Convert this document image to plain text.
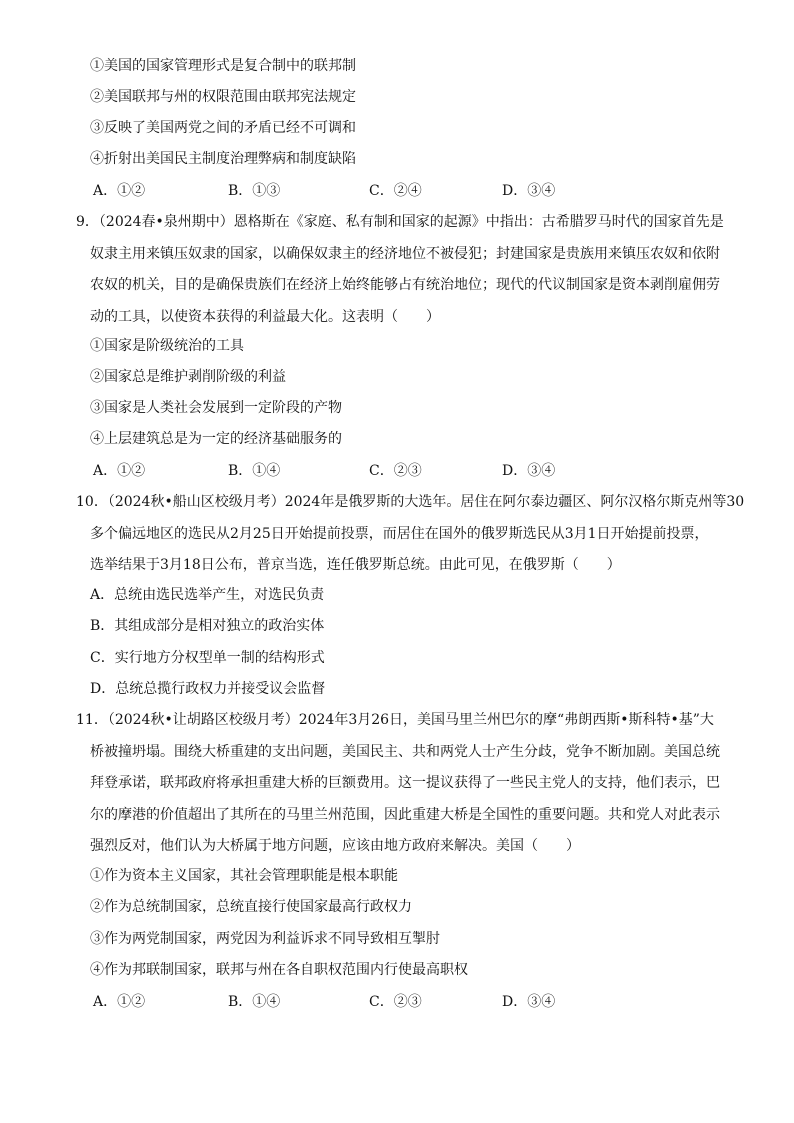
①美国的国家管理形式是复合制中的联邦制
②美国联邦与州的权限范围由联邦宪法规定
③反映了美国两党之间的矛盾已经不可调和
④折射出美国民主制度治理弊病和制度缺陷
A．①②	B．①③	C．②④	D．③④
9．（2024春•泉州期中）恩格斯在《家庭、私有制和国家的起源》中指出：古希腊罗马时代的国家首先是
奴隶主用来镇压奴隶的国家，以确保奴隶主的经济地位不被侵犯；封建国家是贵族用来镇压农奴和依附
农奴的机关，目的是确保贵族们在经济上始终能够占有统治地位；现代的代议制国家是资本剥削雇佣劳
动的工具，以使资本获得的利益最大化。这表明（　　）
①国家是阶级统治的工具
②国家总是维护剥削阶级的利益
③国家是人类社会发展到一定阶段的产物
④上层建筑总是为一定的经济基础服务的
A．①②	B．①④	C．②③	D．③④
10．（2024秋•船山区校级月考）2024年是俄罗斯的大选年。居住在阿尔泰边疆区、阿尔汉格尔斯克州等30
多个偏远地区的选民从2月25日开始提前投票，而居住在国外的俄罗斯选民从3月1日开始提前投票，
选举结果于3月18日公布，普京当选，连任俄罗斯总统。由此可见，在俄罗斯（　　）
A．总统由选民选举产生，对选民负责
B．其组成部分是相对独立的政治实体
C．实行地方分权型单一制的结构形式
D．总统总揽行政权力并接受议会监督
11．（2024秋•让胡路区校级月考）2024年3月26日，美国马里兰州巴尔的摩“弗朗西斯•斯科特•基”大
桥被撞坍塌。围绕大桥重建的支出问题，美国民主、共和两党人士产生分歧，党争不断加剧。美国总统
拜登承诺，联邦政府将承担重建大桥的巨额费用。这一提议获得了一些民主党人的支持，他们表示，巴
尔的摩港的价值超出了其所在的马里兰州范围，因此重建大桥是全国性的重要问题。共和党人对此表示
强烈反对，他们认为大桥属于地方问题，应该由地方政府来解决。美国（　　）
①作为资本主义国家，其社会管理职能是根本职能
②作为总统制国家，总统直接行使国家最高行政权力
③作为两党制国家，两党因为利益诉求不同导致相互掣肘
④作为邦联制国家，联邦与州在各自职权范围内行使最高职权
A．①②	B．①④	C．②③	D．③④
